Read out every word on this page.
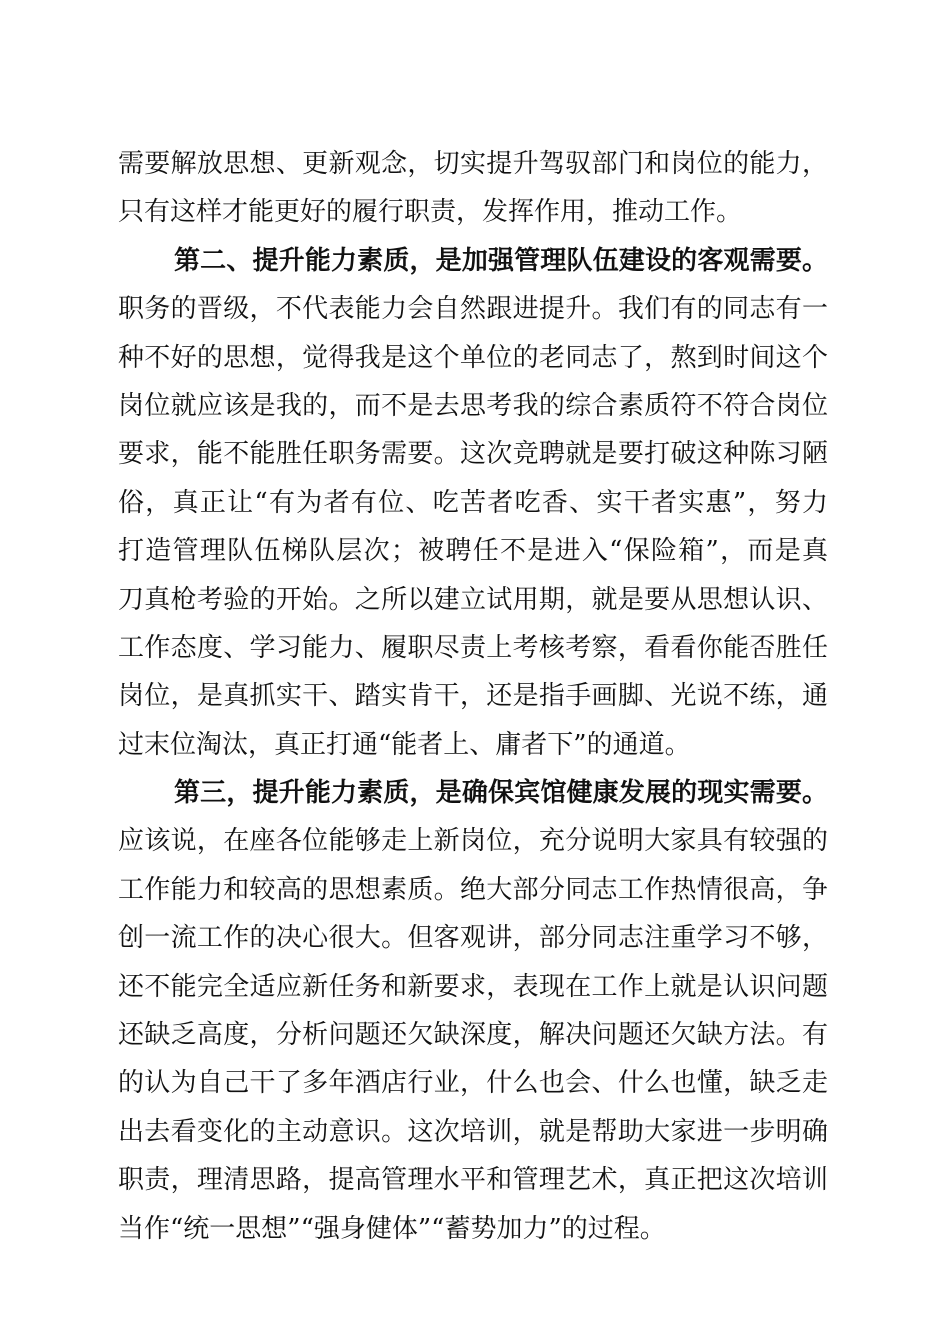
需要解放思想、更新观念，切实提升驾驭部门和岗位的能力，
只有这样才能更好的履行职责，发挥作用，推动工作。
第二、提升能力素质，是加强管理队伍建设的客观需要。
职务的晋级，不代表能力会自然跟进提升。我们有的同志有一
种不好的思想，觉得我是这个单位的老同志了，熬到时间这个
岗位就应该是我的，而不是去思考我的综合素质符不符合岗位
要求，能不能胜任职务需要。这次竞聘就是要打破这种陈习陋
俗，真正让“有为者有位、吃苦者吃香、实干者实惠”，努力
打造管理队伍梯队层次；被聘任不是进入“保险箱”，而是真
刀真枪考验的开始。之所以建立试用期，就是要从思想认识、
工作态度、学习能力、履职尽责上考核考察，看看你能否胜任
岗位，是真抓实干、踏实肯干，还是指手画脚、光说不练，通
过末位淘汰，真正打通“能者上、庸者下”的通道。
第三，提升能力素质，是确保宾馆健康发展的现实需要。
应该说，在座各位能够走上新岗位，充分说明大家具有较强的
工作能力和较高的思想素质。绝大部分同志工作热情很高，争
创一流工作的决心很大。但客观讲，部分同志注重学习不够，
还不能完全适应新任务和新要求，表现在工作上就是认识问题
还缺乏高度，分析问题还欠缺深度，解决问题还欠缺方法。有
的认为自己干了多年酒店行业，什么也会、什么也懂，缺乏走
出去看变化的主动意识。这次培训，就是帮助大家进一步明确
职责，理清思路，提高管理水平和管理艺术，真正把这次培训
当作“统一思想”“强身健体”“蓄势加力”的过程。
